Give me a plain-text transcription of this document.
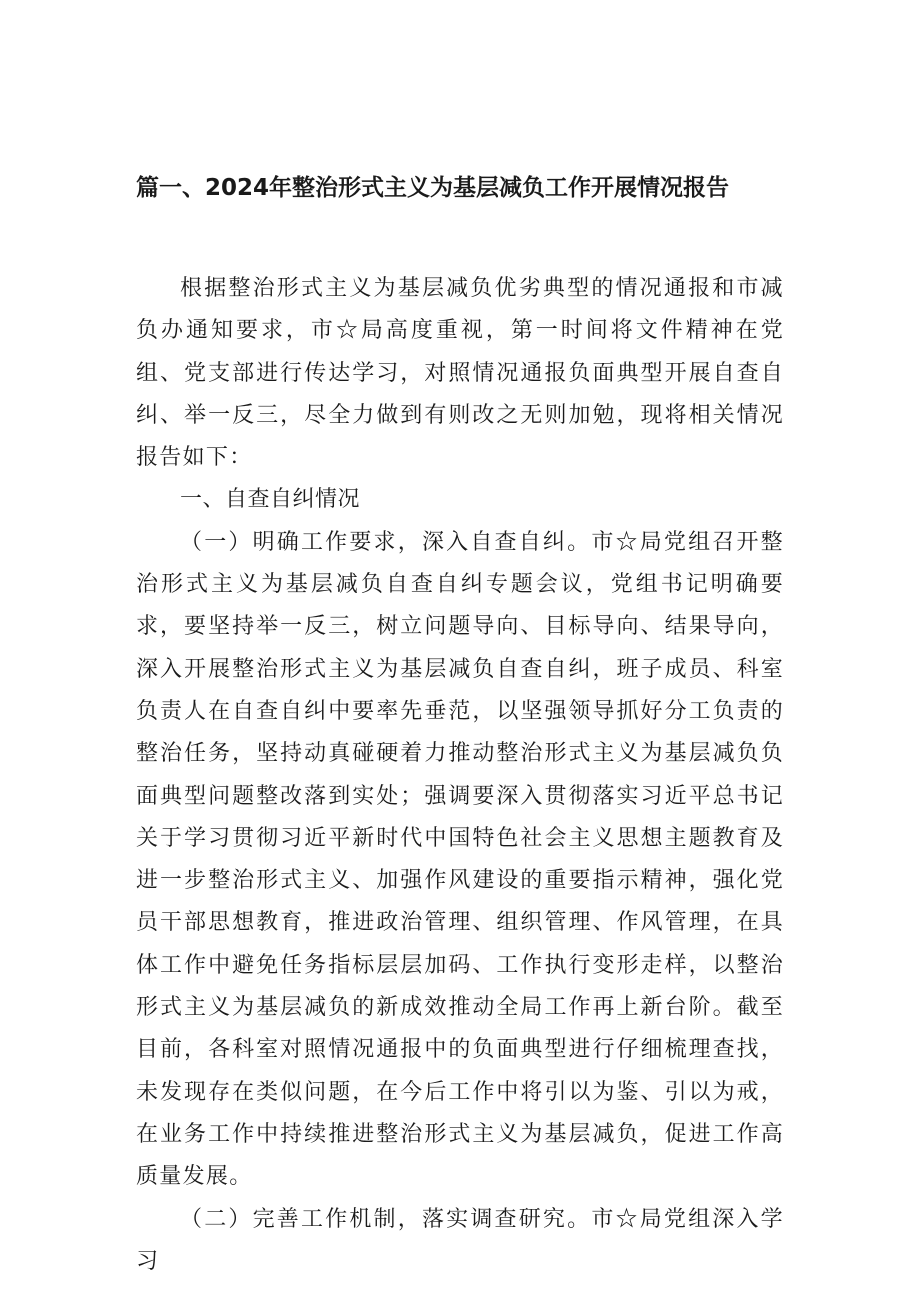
篇一、2024年整治形式主义为基层减负工作开展情况报告

根据整治形式主义为基层减负优劣典型的情况通报和市减负办通知要求，市☆局高度重视，第一时间将文件精神在党组、党支部进行传达学习，对照情况通报负面典型开展自查自纠、举一反三，尽全力做到有则改之无则加勉，现将相关情况报告如下：

一、自查自纠情况

（一）明确工作要求，深入自查自纠。市☆局党组召开整治形式主义为基层减负自查自纠专题会议，党组书记明确要求，要坚持举一反三，树立问题导向、目标导向、结果导向，深入开展整治形式主义为基层减负自查自纠，班子成员、科室负责人在自查自纠中要率先垂范，以坚强领导抓好分工负责的整治任务，坚持动真碰硬着力推动整治形式主义为基层减负负面典型问题整改落到实处；强调要深入贯彻落实习近平总书记关于学习贯彻习近平新时代中国特色社会主义思想主题教育及进一步整治形式主义、加强作风建设的重要指示精神，强化党员干部思想教育，推进政治管理、组织管理、作风管理，在具体工作中避免任务指标层层加码、工作执行变形走样，以整治形式主义为基层减负的新成效推动全局工作再上新台阶。截至目前，各科室对照情况通报中的负面典型进行仔细梳理查找，未发现存在类似问题，在今后工作中将引以为鉴、引以为戒，在业务工作中持续推进整治形式主义为基层减负，促进工作高质量发展。

（二）完善工作机制，落实调查研究。市☆局党组深入学习
